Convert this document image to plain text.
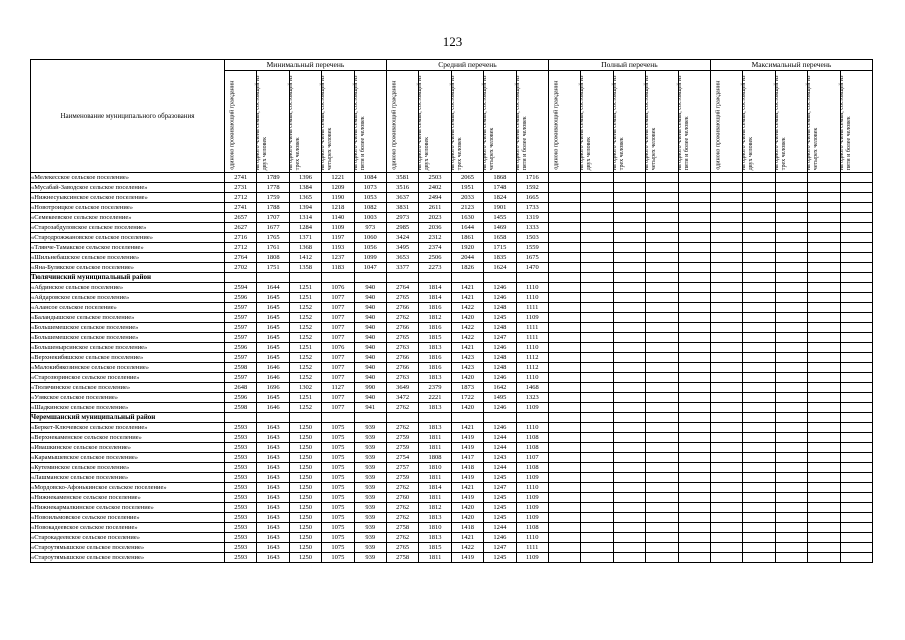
123
Наименование муниципального образования	Минимальный перечень					Средний перечень					Полный перечень					Максимальный перечень				

	одиноко проживающий гражданин	на одного члена семьи, состоящей из двух человек	на одного члена семьи, состоящей из трех человек	на одного члена семьи, состоящей из четырех человек	на одного члена семьи, состоящей из пяти и более человек	одиноко проживающий гражданин	на одного члена семьи, состоящей из двух человек	на одного члена семьи, состоящей из трех человек	на одного члена семьи, состоящей из четырех человек	на одного члена семьи, состоящей из пяти и более человек	одиноко проживающий гражданин	на одного члена семьи, состоящей из двух человек	на одного члена семьи, состоящей из трех человек	на одного члена семьи, состоящей из четырех человек	на одного члена семьи, состоящей из пяти и более человек	одиноко проживающий гражданин	на одного члена семьи, состоящей из двух человек	на одного члена семьи, состоящей из трех человек	на одного члена семьи, состоящей из четырех человек	на одного члена семьи, состоящей из пяти и более человек

«Мелекесское сельское поселение»	2741	1789	1396	1221	1084	3581	2503	2065	1868	1716										
«Мусабай-Заводское сельское поселение»	2731	1778	1384	1209	1073	3516	2402	1951	1748	1592										
«Нижнесуыксинское сельское поселение»	2712	1759	1365	1190	1053	3637	2494	2033	1824	1665										
«Новотроицкое сельское поселение»	2741	1788	1394	1218	1082	3831	2611	2123	1901	1733										
«Семекеевское сельское поселение»	2657	1707	1314	1140	1003	2973	2023	1630	1455	1319										
«Старозабдуловское сельское поселение»	2627	1677	1284	1109	973	2985	2036	1644	1469	1333										
«Стародрожжановское сельское поселение»	2716	1765	1371	1197	1060	3424	2312	1861	1658	1503										
«Тлянче-Тамакское сельское поселение»	2712	1761	1368	1193	1056	3495	2374	1920	1715	1559										
«Шильнебашское сельское поселение»	2764	1808	1412	1237	1099	3653	2506	2044	1835	1675										
«Яна-Булякское сельское поселение»	2702	1751	1358	1183	1047	3377	2273	1826	1624	1470										
Тюлячинский муниципальный район																				
«Абдинское сельское поселение»	2594	1644	1251	1076	940	2764	1814	1421	1246	1110										
«Айдаровское сельское поселение»	2596	1645	1251	1077	940	2765	1814	1421	1246	1110										
«Алансое сельское поселение»	2597	1645	1252	1077	940	2766	1816	1422	1248	1111										
«Баландышское сельское поселение»	2597	1645	1252	1077	940	2762	1812	1420	1245	1109										
«Большемешское сельское поселение»	2597	1645	1252	1077	940	2766	1816	1422	1248	1111										
«Большемешское сельское поселение»	2597	1645	1252	1077	940	2765	1815	1422	1247	1111										
«Большенырсинское сельское поселение»	2596	1645	1251	1076	940	2763	1813	1421	1246	1110										
«Верхнекибяшское сельское поселение»	2597	1645	1252	1077	940	2766	1816	1423	1248	1112										
«Малокибякозинское сельское поселение»	2598	1646	1252	1077	940	2766	1816	1423	1248	1112										
«Старозюринское сельское поселение»	2597	1646	1252	1077	940	2763	1813	1420	1246	1110										
«Тюлячинское сельское поселение»	2648	1696	1302	1127	990	3649	2379	1873	1642	1468										
«Узякское сельское поселение»	2596	1645	1251	1077	940	3472	2221	1722	1495	1323										
«Шадкинское сельское поселение»	2598	1646	1252	1077	941	2762	1813	1420	1246	1109										
Черемшанский муниципальный район																				
«Беркет-Ключевское сельское поселение»	2593	1643	1250	1075	939	2762	1813	1421	1246	1110										
«Верхнекаменское сельское поселение»	2593	1643	1250	1075	939	2759	1811	1419	1244	1108										
«Ивашкинское сельское поселение»	2593	1643	1250	1075	939	2759	1811	1419	1244	1108										
«Карамышевское сельское поселение»	2593	1643	1250	1075	939	2754	1808	1417	1243	1107										
«Кутеминское сельское поселение»	2593	1643	1250	1075	939	2757	1810	1418	1244	1108										
«Лашманское сельское поселение»	2593	1643	1250	1075	939	2759	1811	1419	1245	1109										
«Мордовско-Афонькинское сельское поселение»	2593	1643	1250	1075	939	2762	1814	1421	1247	1110										
«Нижнекаменское сельское поселение»	2593	1643	1250	1075	939	2760	1811	1419	1245	1109										
«Нижнекармалкинское сельское поселение»	2593	1643	1250	1075	939	2762	1812	1420	1245	1109										
«Новоильмовское сельское поселение»	2593	1643	1250	1075	939	2762	1813	1420	1245	1109										
«Новокадеевское сельское поселение»	2593	1643	1250	1075	939	2758	1810	1418	1244	1108										
«Старокадеевское сельское поселение»	2593	1643	1250	1075	939	2762	1813	1421	1246	1110										
«Староутямышское сельское поселение»	2593	1643	1250	1075	939	2765	1815	1422	1247	1111										
«Староутямышское сельское поселение»	2593	1643	1250	1075	939	2758	1811	1419	1245	1109										
